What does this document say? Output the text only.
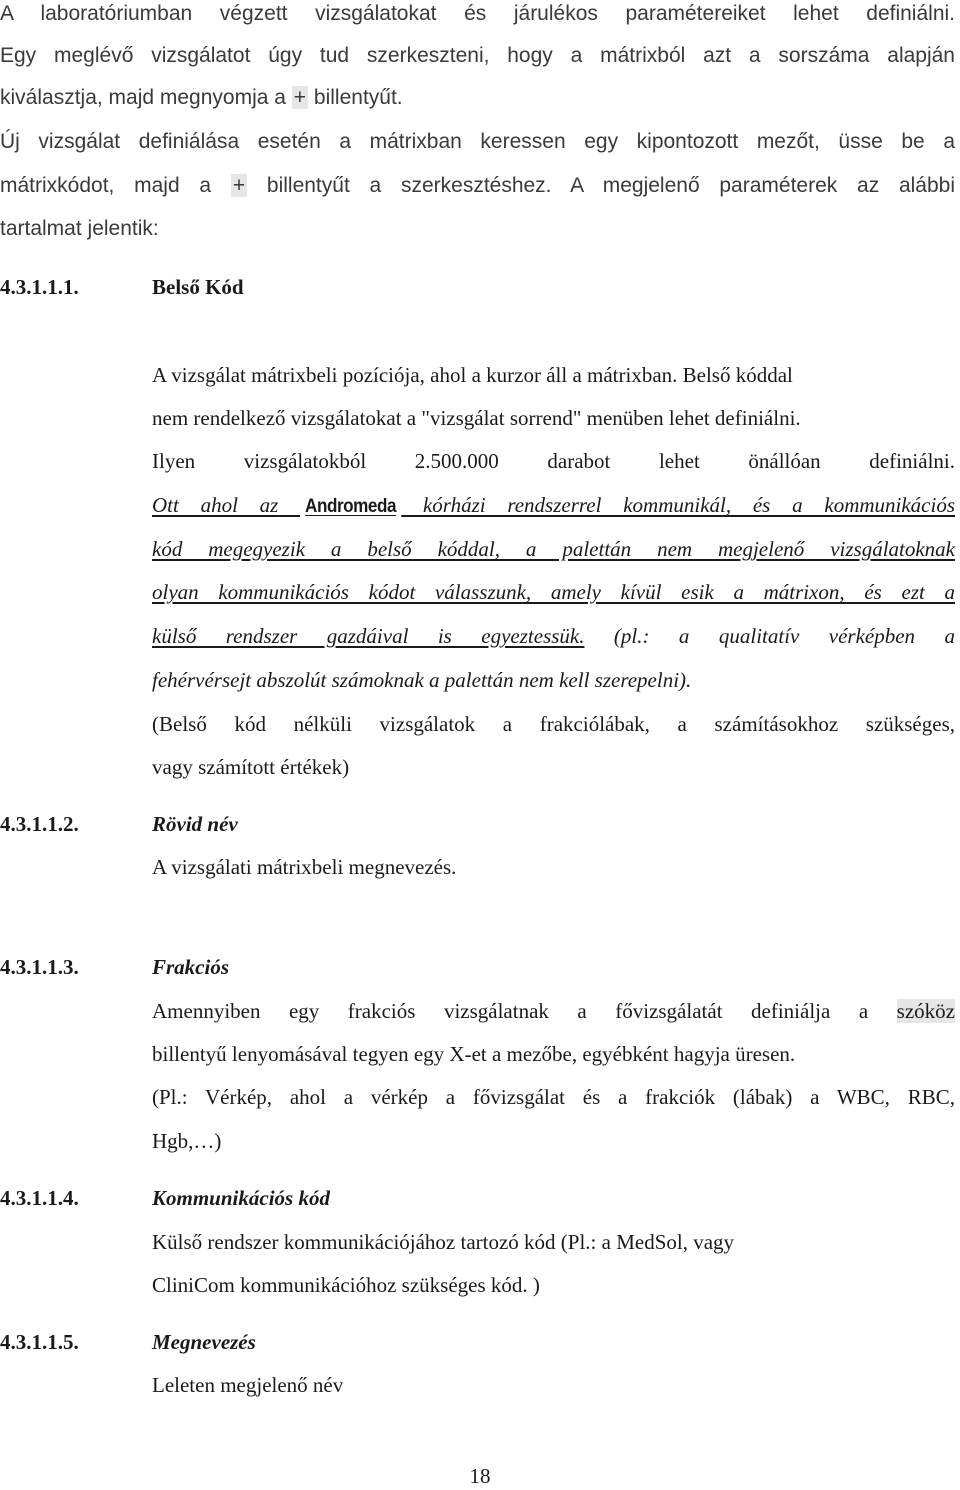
A laboratóriumban végzett vizsgálatokat és járulékos paramétereiket lehet definiálni.
Egy meglévő vizsgálatot úgy tud szerkeszteni, hogy a mátrixból azt a sorszáma alapján
kiválasztja, majd megnyomja a + billentyűt.
Új vizsgálat definiálása esetén a mátrixban keressen egy kipontozott mezőt, üsse be a
mátrixkódot, majd a + billentyűt a szerkesztéshez. A megjelenő paraméterek az alábbi
tartalmat jelentik:
4.3.1.1.1.	Belső Kód
A vizsgálat mátrixbeli pozíciója, ahol a kurzor áll a mátrixban. Belső kóddal
nem rendelkező vizsgálatokat a "vizsgálat sorrend" menüben lehet definiálni.
Ilyen vizsgálatokból 2.500.000 darabot lehet önállóan definiálni.
Ott ahol az Andromeda kórházi rendszerrel kommunikál, és a kommunikációs
kód megegyezik a belső kóddal, a palettán nem megjelenő vizsgálatoknak
olyan kommunikációs kódot válasszunk, amely kívül esik a mátrixon, és ezt a
külső rendszer gazdáival is egyeztessük. (pl.: a qualitatív vérképben a
fehérvérsejt abszolút számoknak a palettán nem kell szerepelni).
(Belső kód nélküli vizsgálatok a frakciólábak, a számításokhoz szükséges,
vagy számított értékek)
4.3.1.1.2.	Rövid név
A vizsgálati mátrixbeli megnevezés.
4.3.1.1.3.	Frakciós
Amennyiben egy frakciós vizsgálatnak a fővizsgálatát definiálja a szóköz
billentyű lenyomásával tegyen egy X-et a mezőbe, egyébként hagyja üresen.
(Pl.: Vérkép, ahol a vérkép a fővizsgálat és a frakciók (lábak) a WBC, RBC,
Hgb,…)
4.3.1.1.4.	Kommunikációs kód
Külső rendszer kommunikációjához tartozó kód (Pl.: a MedSol, vagy
CliniCom kommunikációhoz szükséges kód. )
4.3.1.1.5.	Megnevezés
Leleten megjelenő név
18
